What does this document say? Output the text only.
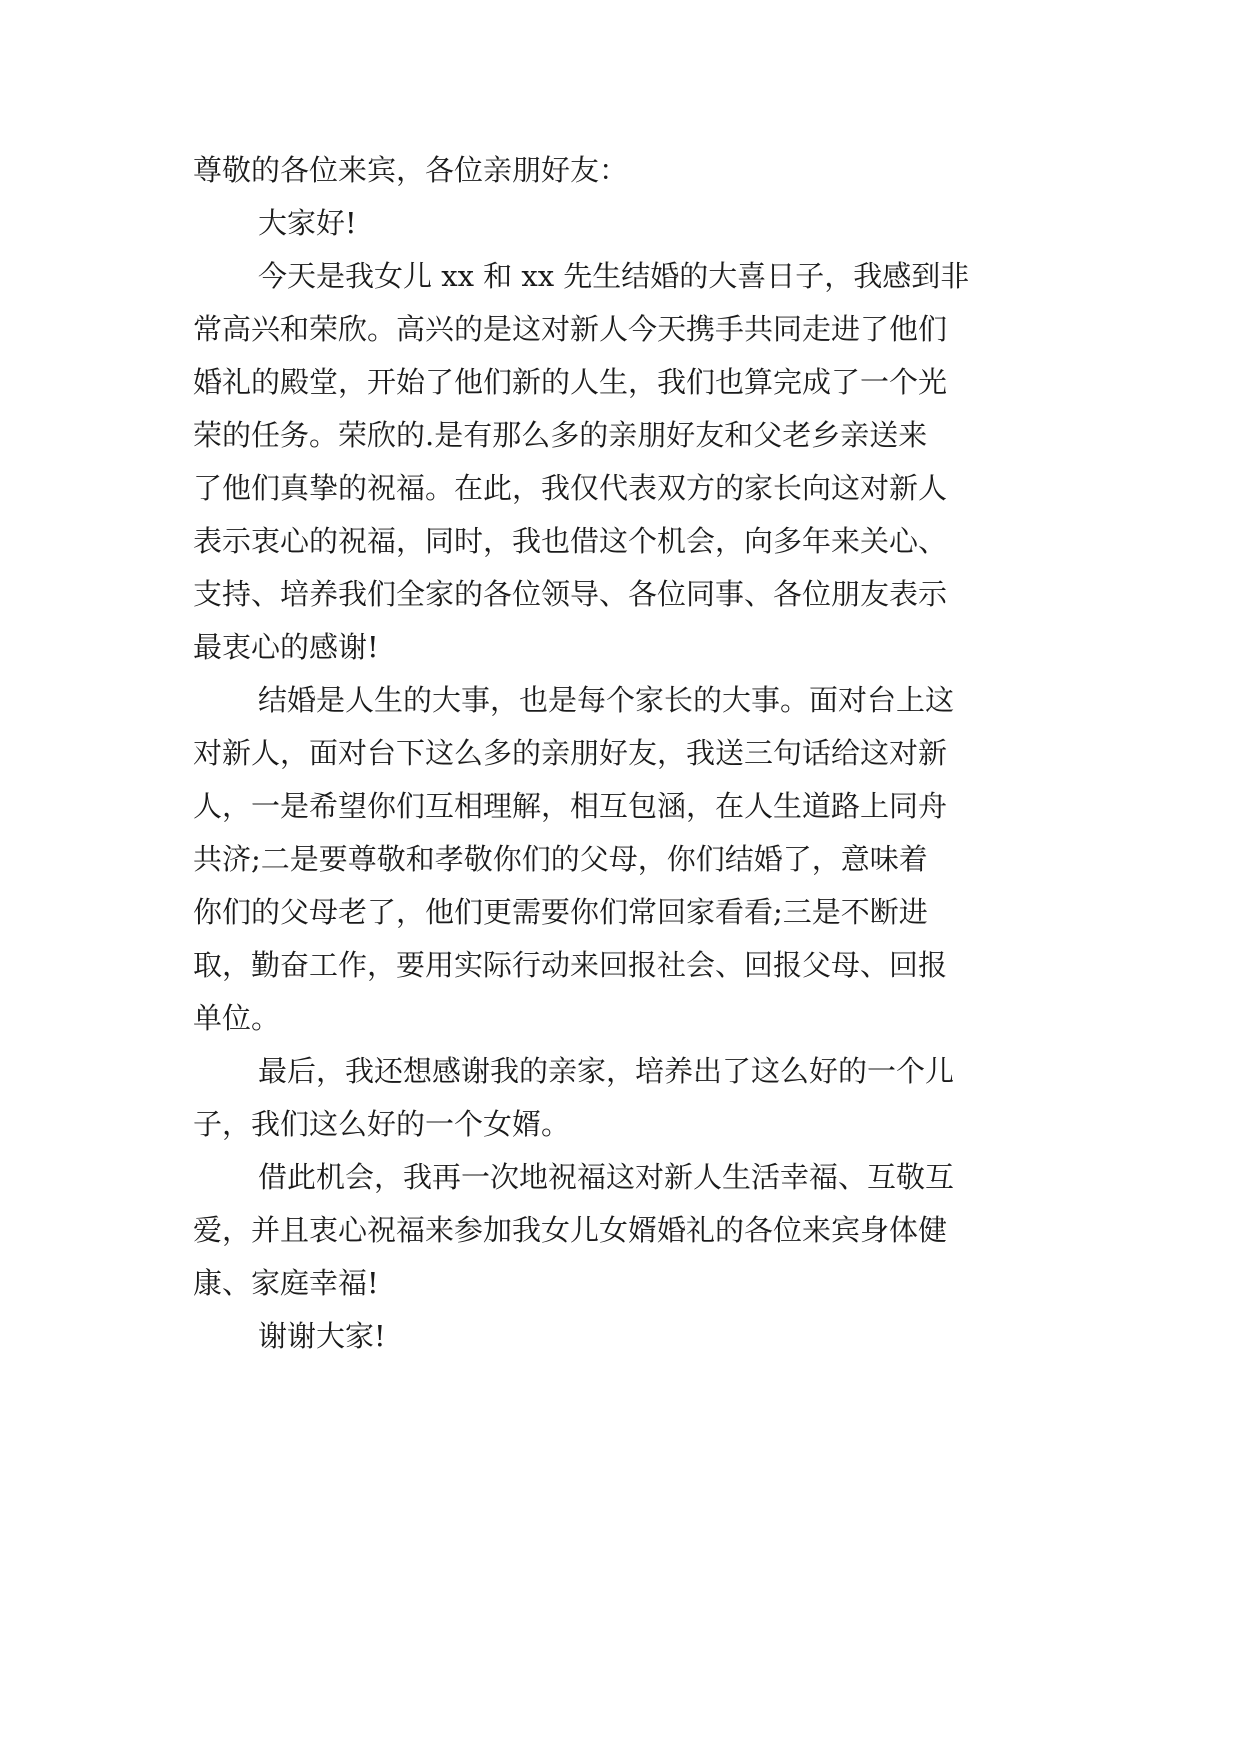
尊敬的各位来宾，各位亲朋好友：
大家好!
今天是我女儿 xx 和 xx 先生结婚的大喜日子，我感到非
常高兴和荣欣。高兴的是这对新人今天携手共同走进了他们
婚礼的殿堂，开始了他们新的人生，我们也算完成了一个光
荣的任务。荣欣的.是有那么多的亲朋好友和父老乡亲送来
了他们真挚的祝福。在此，我仅代表双方的家长向这对新人
表示衷心的祝福，同时，我也借这个机会，向多年来关心、
支持、培养我们全家的各位领导、各位同事、各位朋友表示
最衷心的感谢!
结婚是人生的大事，也是每个家长的大事。面对台上这
对新人，面对台下这么多的亲朋好友，我送三句话给这对新
人，一是希望你们互相理解，相互包涵，在人生道路上同舟
共济;二是要尊敬和孝敬你们的父母，你们结婚了，意味着
你们的父母老了，他们更需要你们常回家看看;三是不断进
取，勤奋工作，要用实际行动来回报社会、回报父母、回报
单位。
最后，我还想感谢我的亲家，培养出了这么好的一个儿
子，我们这么好的一个女婿。
借此机会，我再一次地祝福这对新人生活幸福、互敬互
爱，并且衷心祝福来参加我女儿女婿婚礼的各位来宾身体健
康、家庭幸福!
谢谢大家!
